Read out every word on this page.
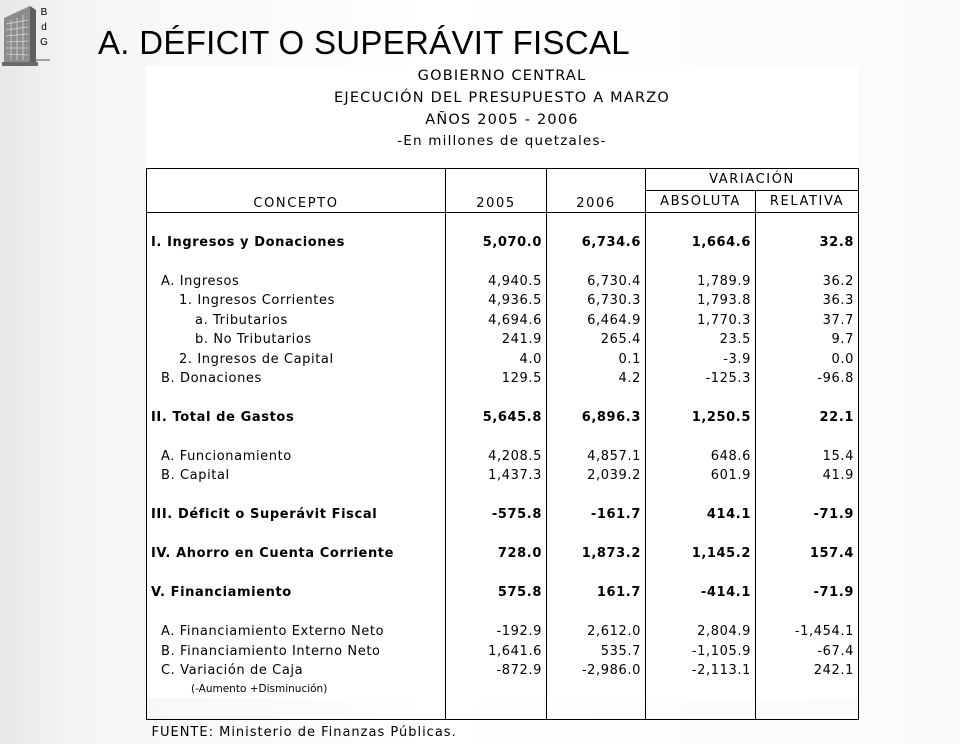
B
d
G A. DÉFICIT O SUPERÁVIT FISCAL
GOBIERNO CENTRAL
EJECUCIÓN DEL PRESUPUESTO A MARZO
AÑOS 2005 - 2006
-En millones de quetzales-
CONCEPTO	2005	2006	VARIACIÓN	
			ABSOLUTA	RELATIVA

I. Ingresos y Donaciones	5,070.0	6,734.6	1,664.6	32.8

A. Ingresos	4,940.5	6,730.4	1,789.9	36.2
1. Ingresos Corrientes	4,936.5	6,730.3	1,793.8	36.3
a. Tributarios	4,694.6	6,464.9	1,770.3	37.7
b. No Tributarios	241.9	265.4	23.5	9.7
2. Ingresos de Capital	4.0	0.1	-3.9	0.0
B. Donaciones	129.5	4.2	-125.3	-96.8

II. Total de Gastos	5,645.8	6,896.3	1,250.5	22.1

A. Funcionamiento	4,208.5	4,857.1	648.6	15.4
B. Capital	1,437.3	2,039.2	601.9	41.9

III. Déficit o Superávit Fiscal	-575.8	-161.7	414.1	-71.9

IV. Ahorro en Cuenta Corriente	728.0	1,873.2	1,145.2	157.4

V. Financiamiento	575.8	161.7	-414.1	-71.9

A. Financiamiento Externo Neto	-192.9	2,612.0	2,804.9	-1,454.1
B. Financiamiento Interno Neto	1,641.6	535.7	-1,105.9	-67.4
C. Variación de Caja	-872.9	-2,986.0	-2,113.1	242.1
(-Aumento +Disminución)				

FUENTE: Ministerio de Finanzas Públicas.				
